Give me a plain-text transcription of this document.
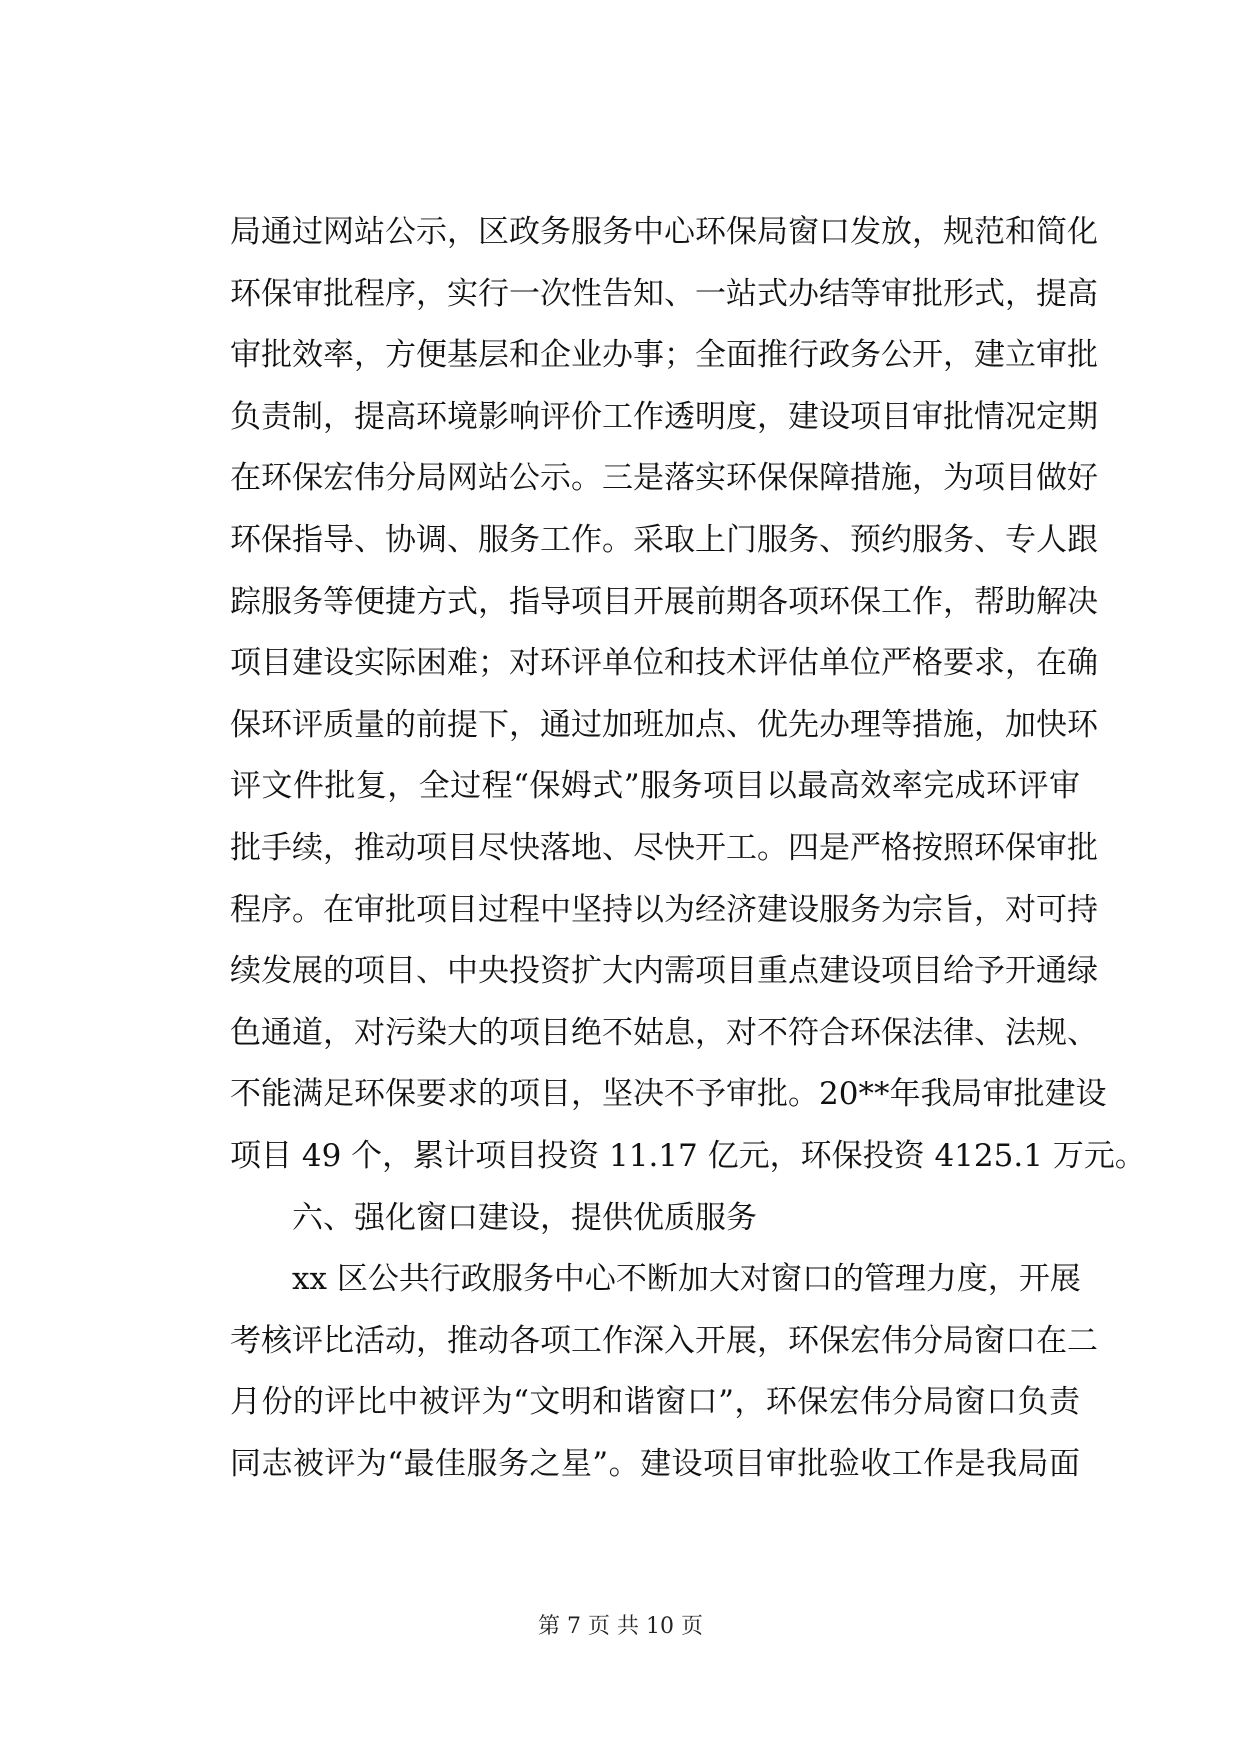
局通过网站公示，区政务服务中心环保局窗口发放，规范和简化
环保审批程序，实行一次性告知、一站式办结等审批形式，提高
审批效率，方便基层和企业办事；全面推行政务公开，建立审批
负责制，提高环境影响评价工作透明度，建设项目审批情况定期
在环保宏伟分局网站公示。三是落实环保保障措施，为项目做好
环保指导、协调、服务工作。采取上门服务、预约服务、专人跟
踪服务等便捷方式，指导项目开展前期各项环保工作，帮助解决
项目建设实际困难；对环评单位和技术评估单位严格要求，在确
保环评质量的前提下，通过加班加点、优先办理等措施，加快环
评文件批复，全过程“保姆式”服务项目以最高效率完成环评审
批手续，推动项目尽快落地、尽快开工。四是严格按照环保审批
程序。在审批项目过程中坚持以为经济建设服务为宗旨，对可持
续发展的项目、中央投资扩大内需项目重点建设项目给予开通绿
色通道，对污染大的项目绝不姑息，对不符合环保法律、法规、
不能满足环保要求的项目，坚决不予审批。20**年我局审批建设
项目 49 个，累计项目投资 11.17 亿元，环保投资 4125.1 万元。
六、强化窗口建设，提供优质服务
xx 区公共行政服务中心不断加大对窗口的管理力度，开展
考核评比活动，推动各项工作深入开展，环保宏伟分局窗口在二
月份的评比中被评为“文明和谐窗口”，环保宏伟分局窗口负责
同志被评为“最佳服务之星”。建设项目审批验收工作是我局面
第 7 页 共 10 页
